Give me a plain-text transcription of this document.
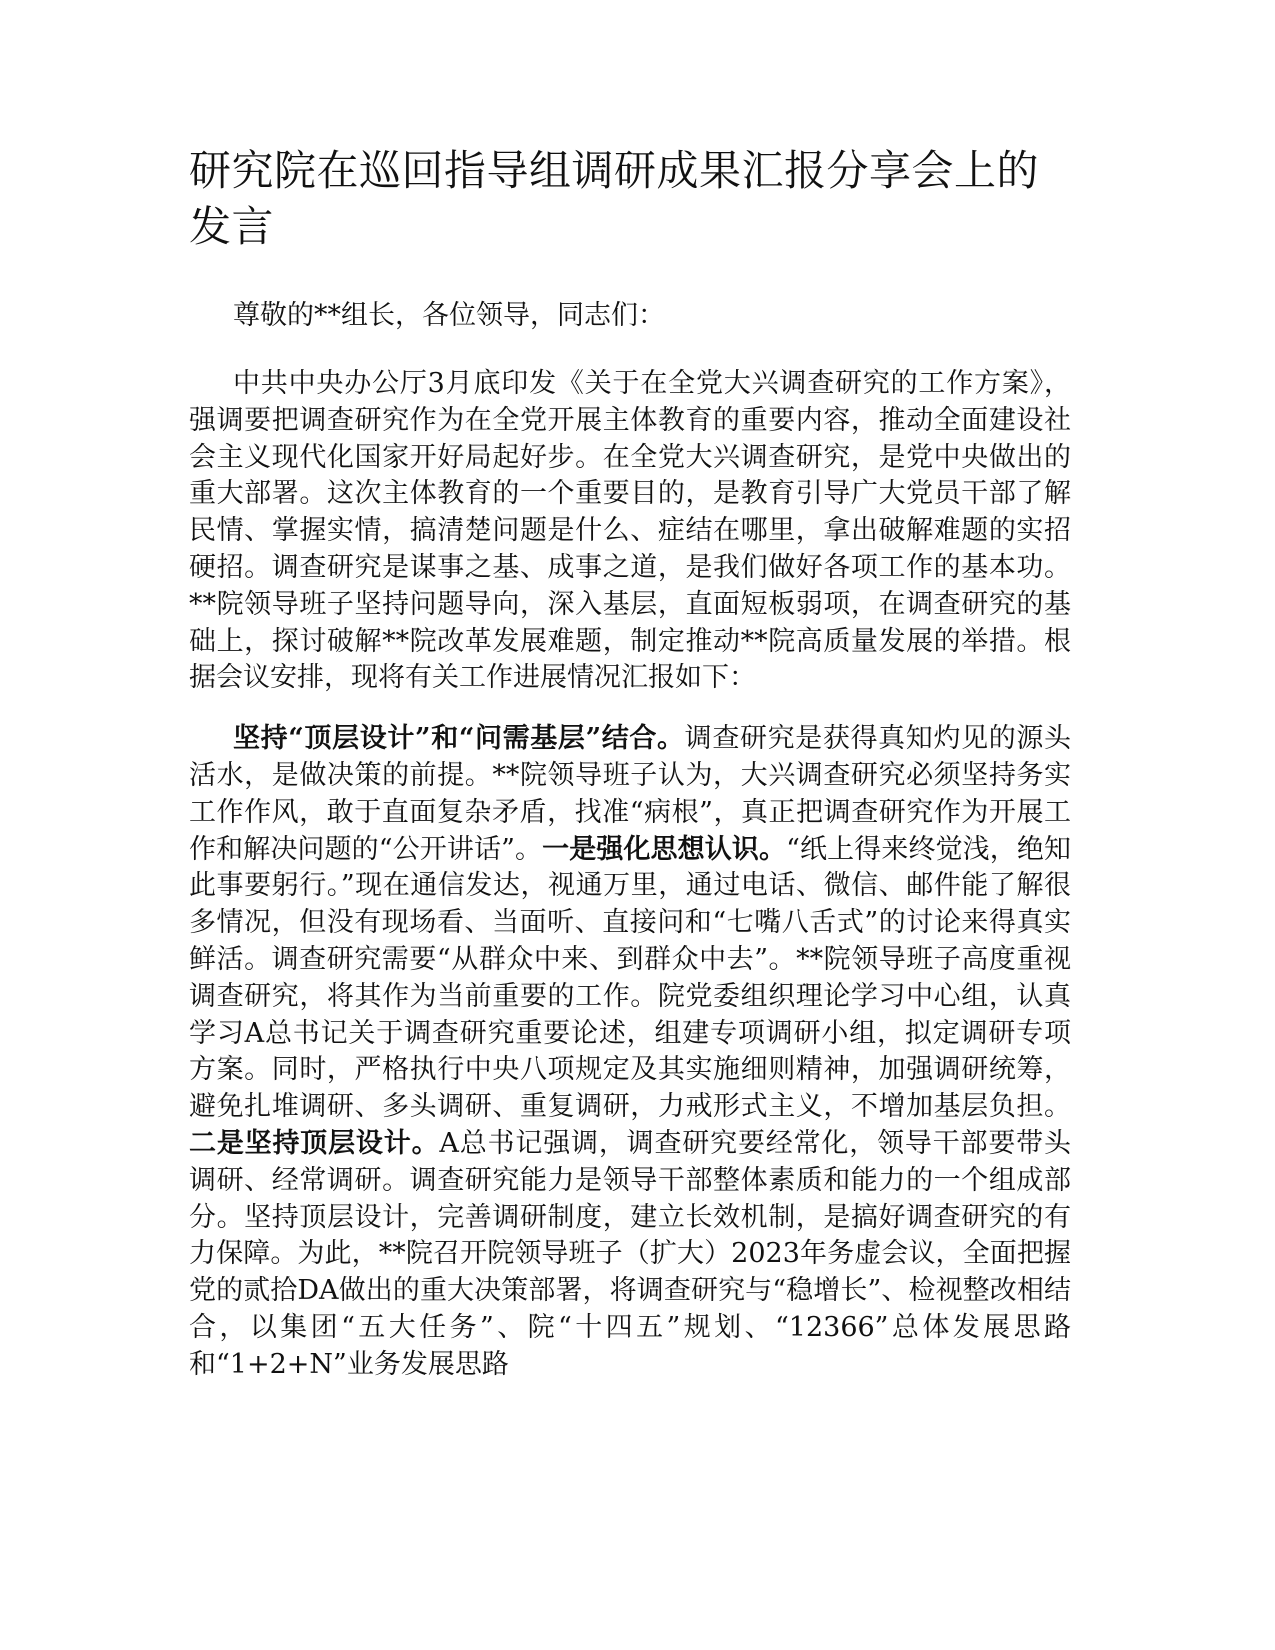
研究院在巡回指导组调研成果汇报分享会上的发言

尊敬的**组长，各位领导，同志们：

中共中央办公厅3月底印发《关于在全党大兴调查研究的工作方案》，强调要把调查研究作为在全党开展主体教育的重要内容，推动全面建设社会主义现代化国家开好局起好步。在全党大兴调查研究，是党中央做出的重大部署。这次主体教育的一个重要目的，是教育引导广大党员干部了解民情、掌握实情，搞清楚问题是什么、症结在哪里，拿出破解难题的实招硬招。调查研究是谋事之基、成事之道，是我们做好各项工作的基本功。**院领导班子坚持问题导向，深入基层，直面短板弱项，在调查研究的基础上，探讨破解**院改革发展难题，制定推动**院高质量发展的举措。根据会议安排，现将有关工作进展情况汇报如下：

坚持“顶层设计”和“问需基层”结合。调查研究是获得真知灼见的源头活水，是做决策的前提。**院领导班子认为，大兴调查研究必须坚持务实工作作风，敢于直面复杂矛盾，找准“病根”，真正把调查研究作为开展工作和解决问题的“公开讲话”。一是强化思想认识。“纸上得来终觉浅，绝知此事要躬行。”现在通信发达，视通万里，通过电话、微信、邮件能了解很多情况，但没有现场看、当面听、直接问和“七嘴八舌式”的讨论来得真实鲜活。调查研究需要“从群众中来、到群众中去”。**院领导班子高度重视调查研究，将其作为当前重要的工作。院党委组织理论学习中心组，认真学习A总书记关于调查研究重要论述，组建专项调研小组，拟定调研专项方案。同时，严格执行中央八项规定及其实施细则精神，加强调研统筹，避免扎堆调研、多头调研、重复调研，力戒形式主义，不增加基层负担。二是坚持顶层设计。A总书记强调，调查研究要经常化，领导干部要带头调研、经常调研。调查研究能力是领导干部整体素质和能力的一个组成部分。坚持顶层设计，完善调研制度，建立长效机制，是搞好调查研究的有力保障。为此，**院召开院领导班子（扩大）2023年务虚会议，全面把握党的贰拾DA做出的重大决策部署，将调查研究与“稳增长”、检视整改相结合，以集团“五大任务”、院“十四五”规划、“12366”总体发展思路和“1+2+N”业务发展思路
